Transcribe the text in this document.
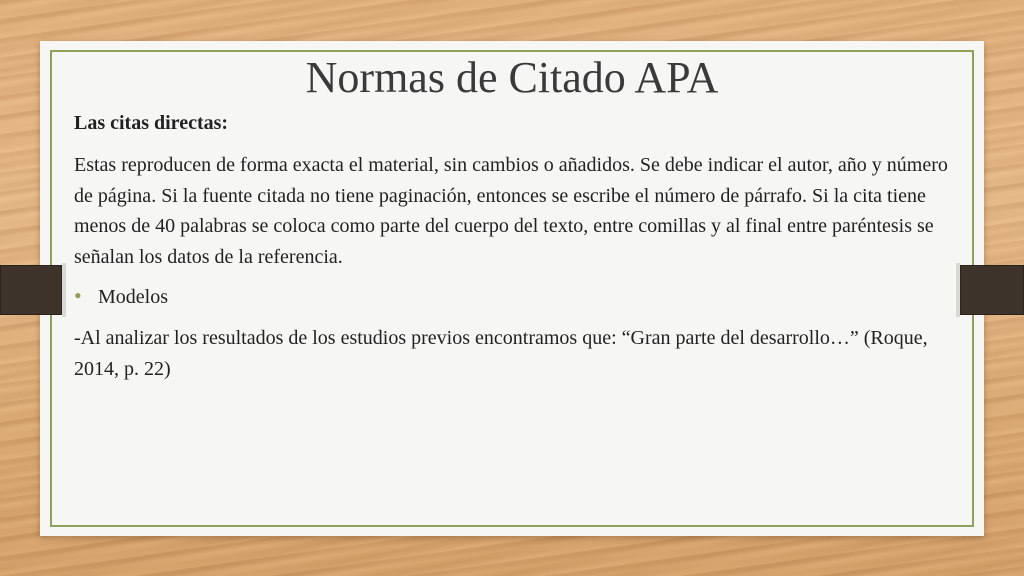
Normas de Citado APA

Las citas directas:

Estas reproducen de forma exacta el material, sin cambios o añadidos. Se debe indicar el autor, año y número de página. Si la fuente citada no tiene paginación, entonces se escribe el número de párrafo. Si la cita tiene menos de 40 palabras se coloca como parte del cuerpo del texto, entre comillas y al final entre paréntesis se señalan los datos de la referencia.

• Modelos

-Al analizar los resultados de los estudios previos encontramos que: “Gran parte del desarrollo…” (Roque, 2014, p. 22)
